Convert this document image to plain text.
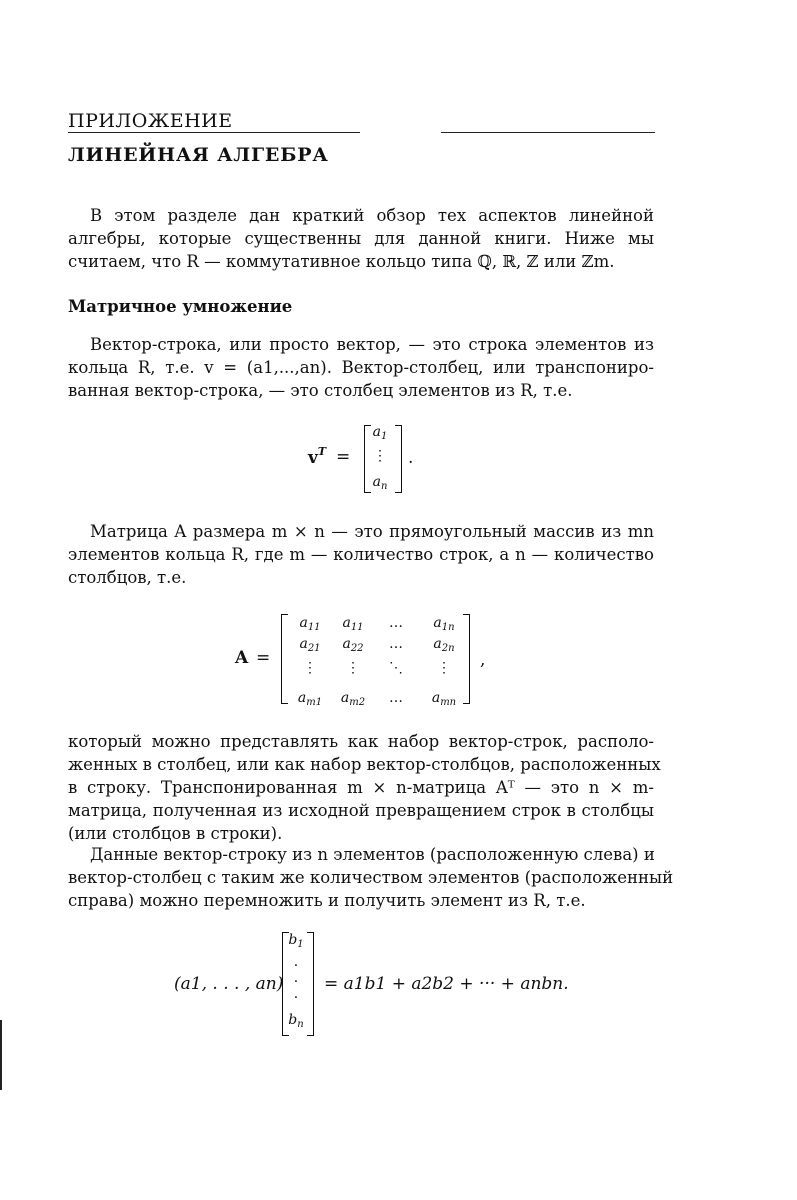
ПРИЛОЖЕНИЕ
ЛИНЕЙНАЯ АЛГЕБРА
В этом разделе дан краткий обзор тех аспектов линейной
алгебры, которые существенны для данной книги. Ниже мы
считаем, что R — коммутативное кольцо типа ℚ, ℝ, ℤ или ℤm.
Матричное умножение
Вектор-строка, или просто вектор, — это строка элементов из
кольца R, т.е. v = (a1,...,an). Вектор-столбец, или транспониро-
ванная вектор-строка, — это столбец элементов из R, т.е.
$v^T$ =
$a_1$
⋮
$a_n$
.
Матрица A размера m × n — это прямоугольный массив из mn
элементов кольца R, где m — количество строк, а n — количество
столбцов, т.е.
A =
$a_{11}$	$a_{11}$	…	$a_{1n}$
$a_{21}$	$a_{22}$	…	$a_{2n}$
⋮	⋮	⋱	⋮
$a_{m1}$	$a_{m2}$	…	$a_{mn}$
,
который можно представлять как набор вектор-строк, располо-
женных в столбец, или как набор вектор-столбцов, расположенных
в строку. Транспонированная m × n-матрица Aᵀ — это n × m-
матрица, полученная из исходной превращением строк в столбцы
(или столбцов в строки).
Данные вектор-строку из n элементов (расположенную слева) и
вектор-столбец с таким же количеством элементов (расположенный
справа) можно перемножить и получить элемент из R, т.е.
(a1, . . . , an)
$b_1$
·
·
·
$b_n$
= a1b1 + a2b2 + ··· + anbn.
